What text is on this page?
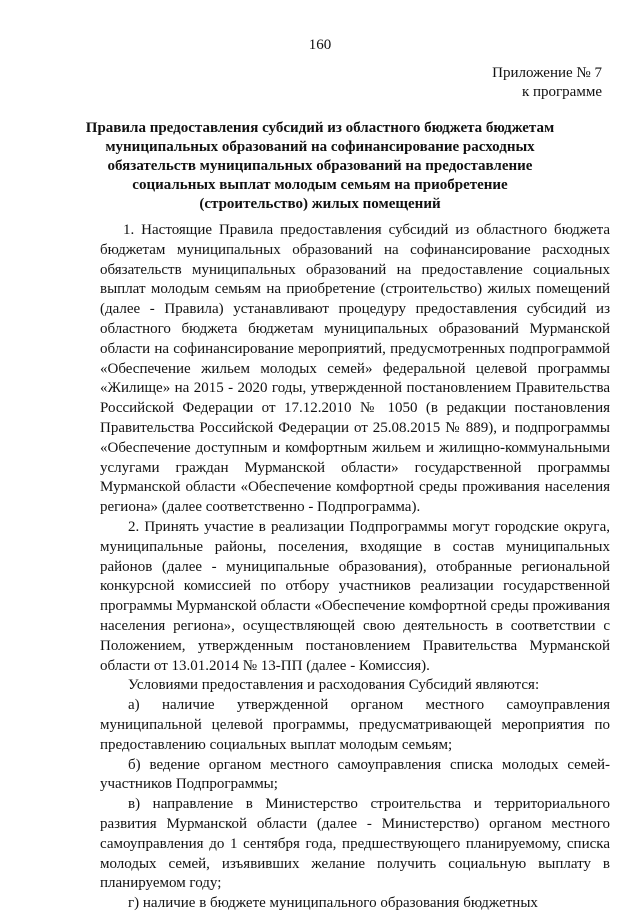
160
Приложение № 7
к программе
Правила предоставления субсидий из областного бюджета бюджетам муниципальных образований на софинансирование расходных обязательств муниципальных образований на предоставление социальных выплат молодым семьям на приобретение (строительство) жилых помещений

1. Настоящие Правила предоставления субсидий из областного бюджета бюджетам муниципальных образований на софинансирование расходных обязательств муниципальных образований на предоставление социальных выплат молодым семьям на приобретение (строительство) жилых помещений (далее - Правила) устанавливают процедуру предоставления субсидий из областного бюджета бюджетам муниципальных образований Мурманской области на софинансирование мероприятий, предусмотренных подпрограммой «Обеспечение жильем молодых семей» федеральной целевой программы «Жилище» на 2015 - 2020 годы, утвержденной постановлением Правительства Российской Федерации от 17.12.2010 № 1050 (в редакции постановления Правительства Российской Федерации от 25.08.2015 № 889), и подпрограммы «Обеспечение доступным и комфортным жильем и жилищно-коммунальными услугами граждан Мурманской области» государственной программы Мурманской области «Обеспечение комфортной среды проживания населения региона» (далее соответственно - Подпрограмма).

2. Принять участие в реализации Подпрограммы могут городские округа, муниципальные районы, поселения, входящие в состав муниципальных районов (далее - муниципальные образования), отобранные региональной конкурсной комиссией по отбору участников реализации государственной программы Мурманской области «Обеспечение комфортной среды проживания населения региона», осуществляющей свою деятельность в соответствии с Положением, утвержденным постановлением Правительства Мурманской области от 13.01.2014 № 13-ПП (далее - Комиссия).

Условиями предоставления и расходования Субсидий являются:

а) наличие утвержденной органом местного самоуправления муниципальной целевой программы, предусматривающей мероприятия по предоставлению социальных выплат молодым семьям;

б) ведение органом местного самоуправления списка молодых семей-участников Подпрограммы;

в) направление в Министерство строительства и территориального развития Мурманской области (далее - Министерство) органом местного самоуправления до 1 сентября года, предшествующего планируемому, списка молодых семей, изъявивших желание получить социальную выплату в планируемом году;

г) наличие в бюджете муниципального образования бюджетных
